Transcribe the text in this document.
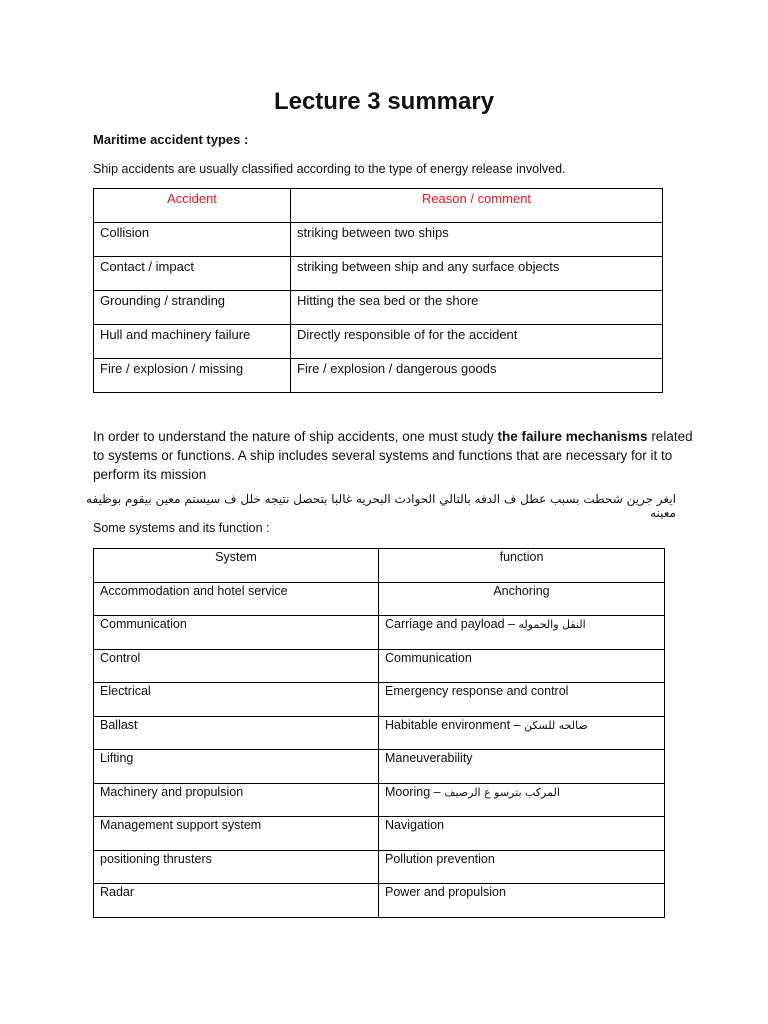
Lecture 3 summary
Maritime accident types :
Ship accidents are usually classified according to the type of energy release involved.
Accident	Reason / comment
Collision	striking between two ships
Contact / impact	striking between ship and any surface objects
Grounding / stranding	Hitting the sea bed or the shore
Hull and machinery failure	Directly responsible of for the accident
Fire / explosion / missing	Fire / explosion / dangerous goods
In order to understand the nature of ship accidents, one must study the failure mechanisms related to systems or functions. A ship includes several systems and functions that are necessary for it to perform its mission
ايغر جرين شحطت بسبب عطل ف الدفه بالتالي الحوادث البحريه غالبا بتحصل نتيجه خلل ف سيستم معين بيقوم بوظيفه معينه
Some systems and its function :
System	function
Accommodation and hotel service	Anchoring
Communication	Carriage and payload – النقل والحموله
Control	Communication
Electrical	Emergency response and control
Ballast	Habitable environment – صالحه للسكن
Lifting	Maneuverability
Machinery and propulsion	Mooring – المركب بترسو ع الرصيف
Management support system	Navigation
positioning thrusters	Pollution prevention
Radar	Power and propulsion
